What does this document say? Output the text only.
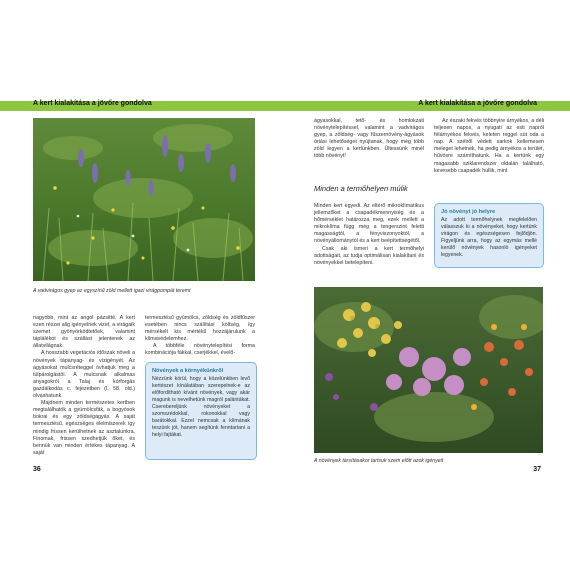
A kert kialakítása a jövőre gondolva
A vadvirágos gyep az egyszínű zöld mellett igazi virágpompát teremt

nagyobb, mint az angol pázsitté. A kert ezen részei alig igényelnek vizet, a virágaik szemet gyönyörködtetőek, valamint táplálékot és szállást jelentenek az állatvilágnak.

A hosszabb vegetációs időszak növeli a növények tápanyag- és vízigényét. Az ágyásokat mulcsréteggel óvhatjuk meg a túlpárolgástól. A mulcsnak alkalmas anyagokról a Talaj és kórforgás gazdálkodás c. fejezetben (I. 58. old.) olvashatunk.

Majdnem minden természetes kertben megtalálhatók a gyümölcsfák, a bogyósok bokrai és egy zöldségágyás. A saját termesztésű, egészséges élelmiszerek így mindig frissen kerülhetnek az asztalunkra. Finomak, frissen szedhetjük őket, és bennük van minden értékes tápanyag. A saját

termesztésű gyümölcs, zöldség és zöldfűszer esetében nincs szállítási költség, így mérsékelt kis mértékű hozzájárulunk a klímavédelemhez.

A többféle növénytelepítési forma kombinációja fákkal, cserjékkel, évelő-

Növények a környékünkről
Nézzünk körül, hogy a közelünkben levő kertészet kínálatában szerepelnek-e az előfordítható kívánt növények, vagy akár magunk is nevelhetünk magról palántákat. Cserebereljünk növényeket a szomszédokkal, rokonokkal vagy barátokkal. Ezzel nemcsak a klímának teszünk jót, hanem segítünk fenntartani a helyi fajtákat.
36
A kert kialakítása a jövőre gondolva

ágyasokkal, tető- és homlokzati növénytelepítéssel, valamint a vadvirágos gyep, a zöldség- vagy fűszernövény-ágyások óriási lehetőséget nyújtanak, hogy még több zöld legyen a kertünkben. Ültessünk minél több növényt!

Az északi fekvés többnyire árnyékos, a déli teljesen napos, a nyugati az esti napról félárnyékos fekvés, keleten reggel süt oda a nap. A szélről védett sarkok kellemesen meleget lehetnek, ha pedig árnyékos a terület, hűvösre számíthatunk. Ha a kertünk egy magasabb sziklarendszer oldalán található, kevesebb csapadék hullik, mint

Minden a termőhelyen múlik

Minden kert egyedi. Az eltérő mikroklímatikus jellemzőket a csapadékmennyiség és a hőmérséklet határozza meg, ezek mellett a mikroklíma függ még a tengerszint feletti magasságtól, a fényviszonyoktól, a növényállománytól és a kert beépítettségétől.

Csak aki ismeri a kert termőhelyi adottságait, az tudja optimálisan kialakítani és növényekkel betelepíteni.

Jó növényt jó helyre
Az adott termőhelynek megfelelően válasszuk ki a növényeket, hogy kertünk virágon és egészségesen fejlődjön. Figyeljünk arra, hogy az egymás mellé kerülő növények hasonló igényeket legyenek.
A növények társításakor tartsuk szem előtt azok igényeit
37
